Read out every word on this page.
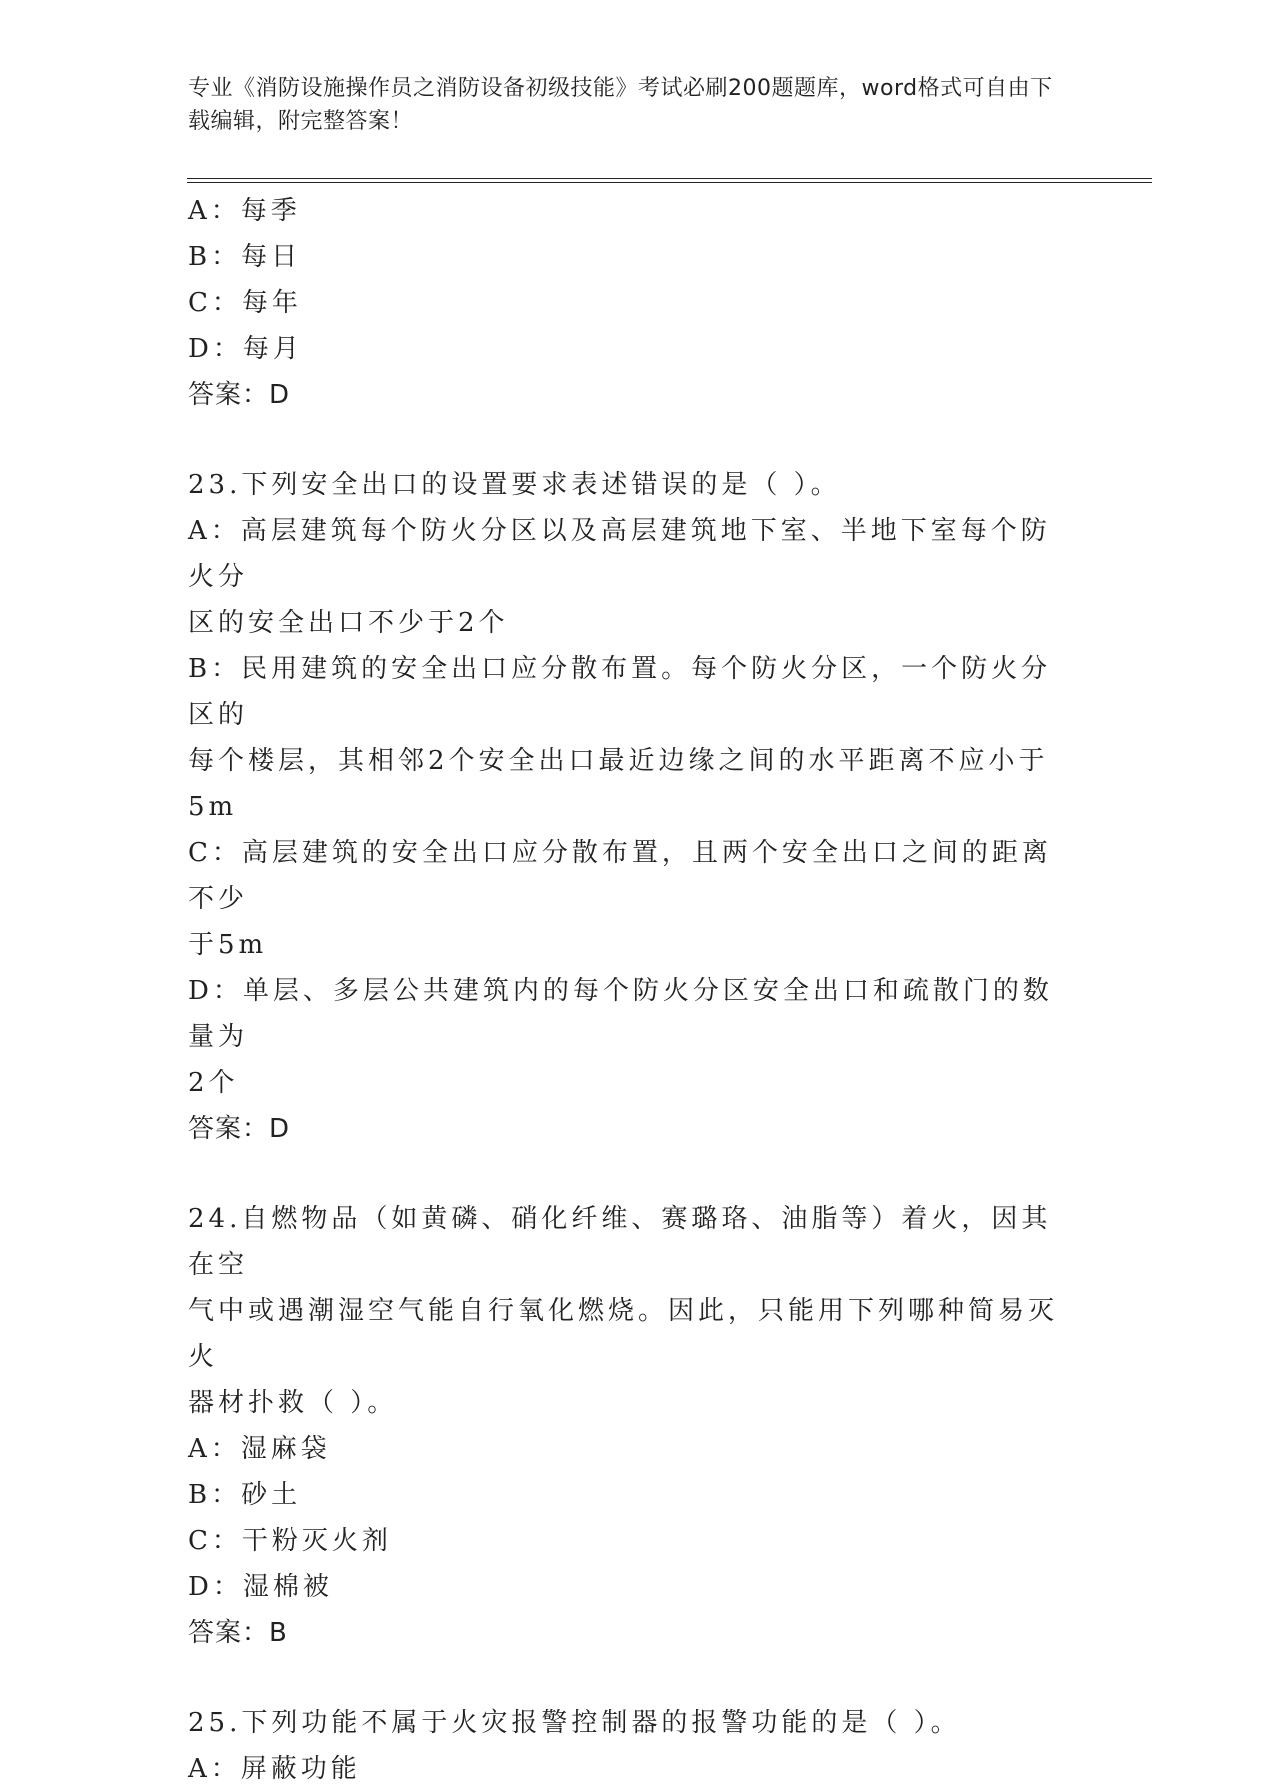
专业《消防设施操作员之消防设备初级技能》考试必刷200题题库，word格式可自由下载编辑，附完整答案！
A：每季
B：每日
C：每年
D：每月
答案：D
23.下列安全出口的设置要求表述错误的是（ ）。
A：高层建筑每个防火分区以及高层建筑地下室、半地下室每个防火分
区的安全出口不少于2个
B：民用建筑的安全出口应分散布置。每个防火分区，一个防火分区的
每个楼层，其相邻2个安全出口最近边缘之间的水平距离不应小于5m
C：高层建筑的安全出口应分散布置，且两个安全出口之间的距离不少
于5m
D：单层、多层公共建筑内的每个防火分区安全出口和疏散门的数量为
2个
答案：D
24.自燃物品（如黄磷、硝化纤维、赛璐珞、油脂等）着火，因其在空
气中或遇潮湿空气能自行氧化燃烧。因此，只能用下列哪种简易灭火
器材扑救（ ）。
A：湿麻袋
B：砂土
C：干粉灭火剂
D：湿棉被
答案：B
25.下列功能不属于火灾报警控制器的报警功能的是（ ）。
A：屏蔽功能
